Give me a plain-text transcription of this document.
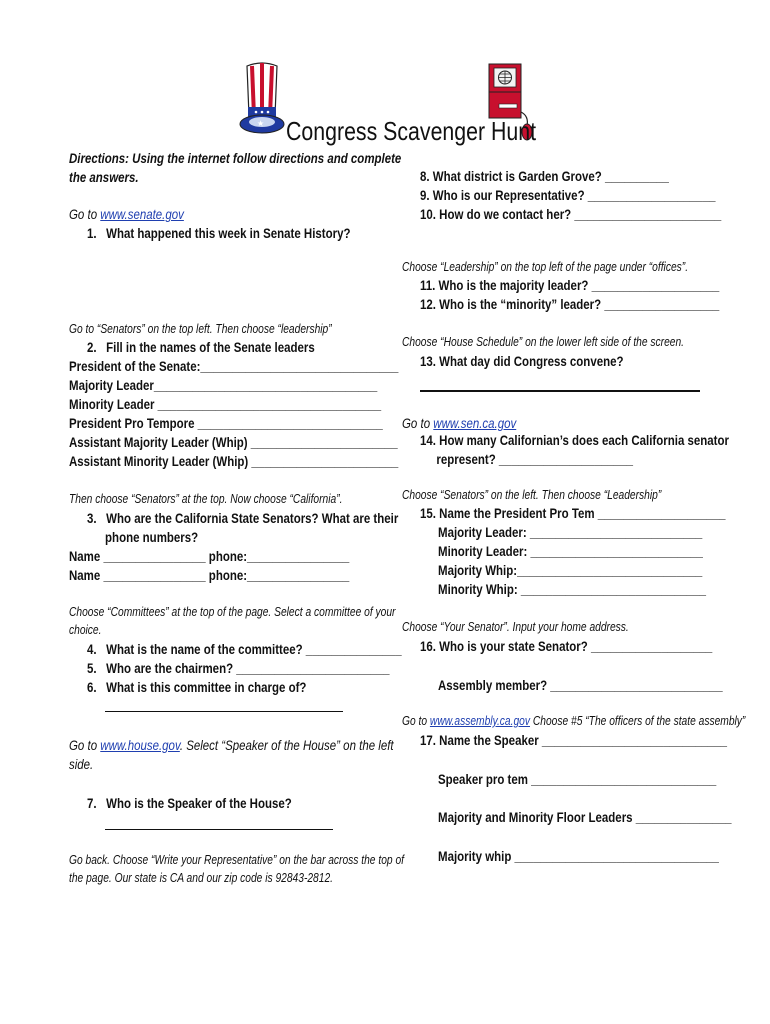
★ Congress Scavenger Hunt
Directions: Using the internet follow directions and complete
the answers.
Go to www.senate.gov
1. What happened this week in Senate History?
Go to “Senators” on the top left. Then choose “leadership”
2. Fill in the names of the Senate leaders
President of the Senate:_______________________________
Majority Leader___________________________________
Minority Leader ___________________________________
President Pro Tempore _____________________________
Assistant Majority Leader (Whip) _______________________
Assistant Minority Leader (Whip) _______________________
Then choose “Senators” at the top. Now choose “California”.
3. Who are the California State Senators? What are their
phone numbers?
Name ________________ phone:________________
Name ________________ phone:________________
Choose “Committees” at the top of the page. Select a committee of your
choice.
4. What is the name of the committee? _______________
5. Who are the chairmen? ________________________
6. What is this committee in charge of?
Go to www.house.gov. Select “Speaker of the House” on the left
side.
7. Who is the Speaker of the House?
Go back. Choose “Write your Representative” on the bar across the top of
the page. Our state is CA and our zip code is 92843-2812.
8. What district is Garden Grove? __________
9. Who is our Representative? ____________________
10. How do we contact her? _______________________
Choose “Leadership” on the top left of the page under “offices”.
11. Who is the majority leader? ____________________
12. Who is the “minority” leader? __________________
Choose “House Schedule” on the lower left side of the screen.
13. What day did Congress convene?
Go to www.sen.ca.gov
14. How many Californian’s does each California senator
represent? _____________________
Choose “Senators” on the left. Then choose “Leadership”
15. Name the President Pro Tem ____________________
Majority Leader: ___________________________
Minority Leader: ___________________________
Majority Whip:_____________________________
Minority Whip: _____________________________
Choose “Your Senator”. Input your home address.
16. Who is your state Senator? ___________________
Assembly member? ___________________________
Go to www.assembly.ca.gov Choose #5 “The officers of the state assembly”
17. Name the Speaker _____________________________
Speaker pro tem _____________________________
Majority and Minority Floor Leaders _______________
Majority whip ________________________________
